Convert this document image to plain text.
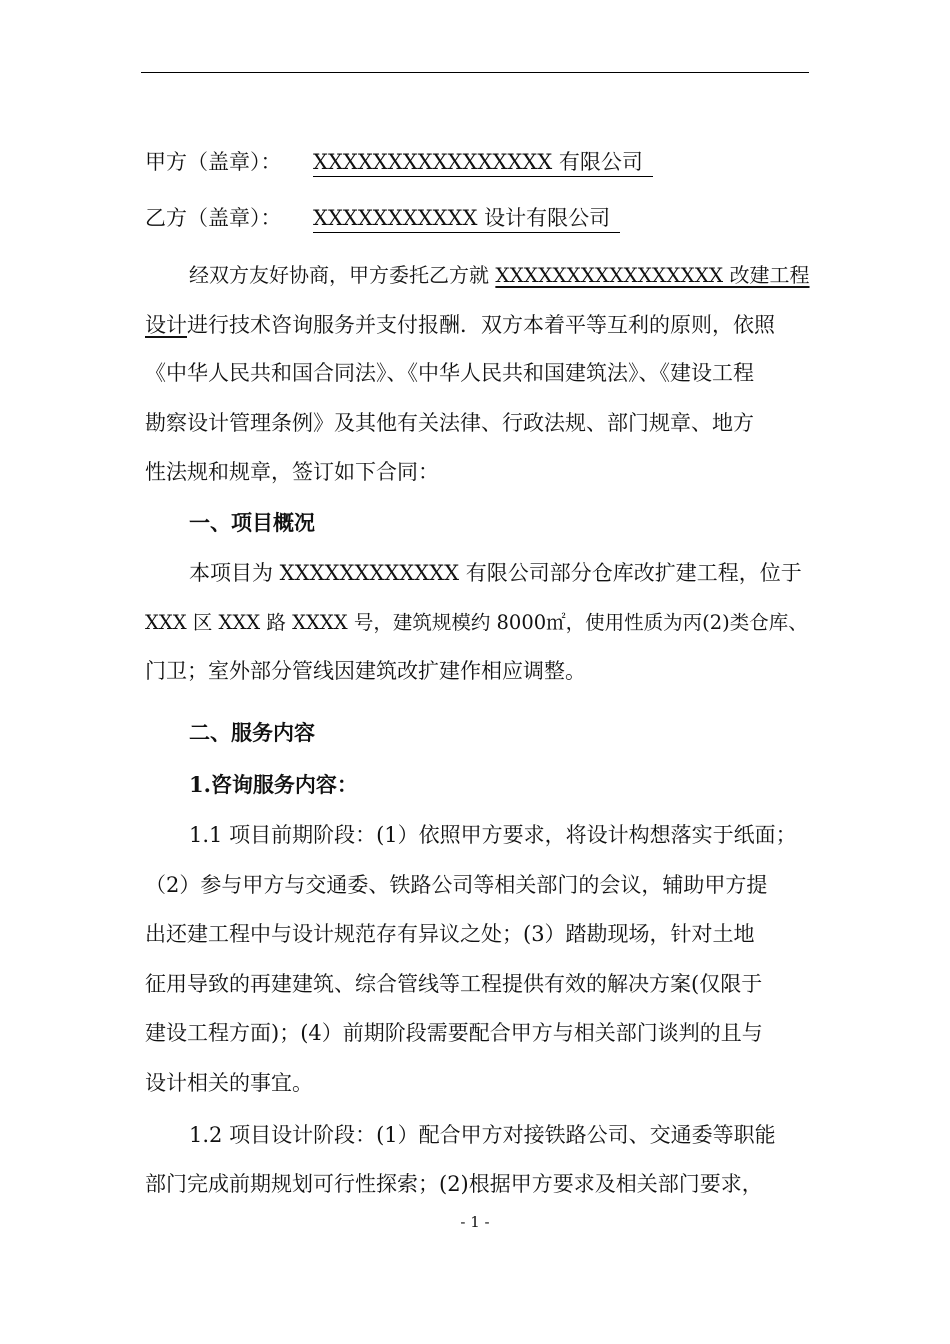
甲方（盖章）： XXXXXXXXXXXXXXXX 有限公司
乙方（盖章）： XXXXXXXXXXX 设计有限公司
经双方友好协商，甲方委托乙方就 XXXXXXXXXXXXXXXX 改建工程
设计进行技术咨询服务并支付报酬．双方本着平等互利的原则，依照
《中华人民共和国合同法》、《中华人民共和国建筑法》、《建设工程
勘察设计管理条例》及其他有关法律、行政法规、部门规章、地方
性法规和规章，签订如下合同：
一、项目概况
本项目为 XXXXXXXXXXXX 有限公司部分仓库改扩建工程，位于
XXX 区 XXX 路 XXXX 号，建筑规模约 8000㎡，使用性质为丙(2)类仓库、
门卫；室外部分管线因建筑改扩建作相应调整。
二、服务内容
1.咨询服务内容：
1.1 项目前期阶段：(1）依照甲方要求，将设计构想落实于纸面；
（2）参与甲方与交通委、铁路公司等相关部门的会议，辅助甲方提
出还建工程中与设计规范存有异议之处；(3）踏勘现场，针对土地
征用导致的再建建筑、综合管线等工程提供有效的解决方案(仅限于
建设工程方面)；(4）前期阶段需要配合甲方与相关部门谈判的且与
设计相关的事宜。
1.2 项目设计阶段：(1）配合甲方对接铁路公司、交通委等职能
部门完成前期规划可行性探索；(2)根据甲方要求及相关部门要求，
- 1 -
